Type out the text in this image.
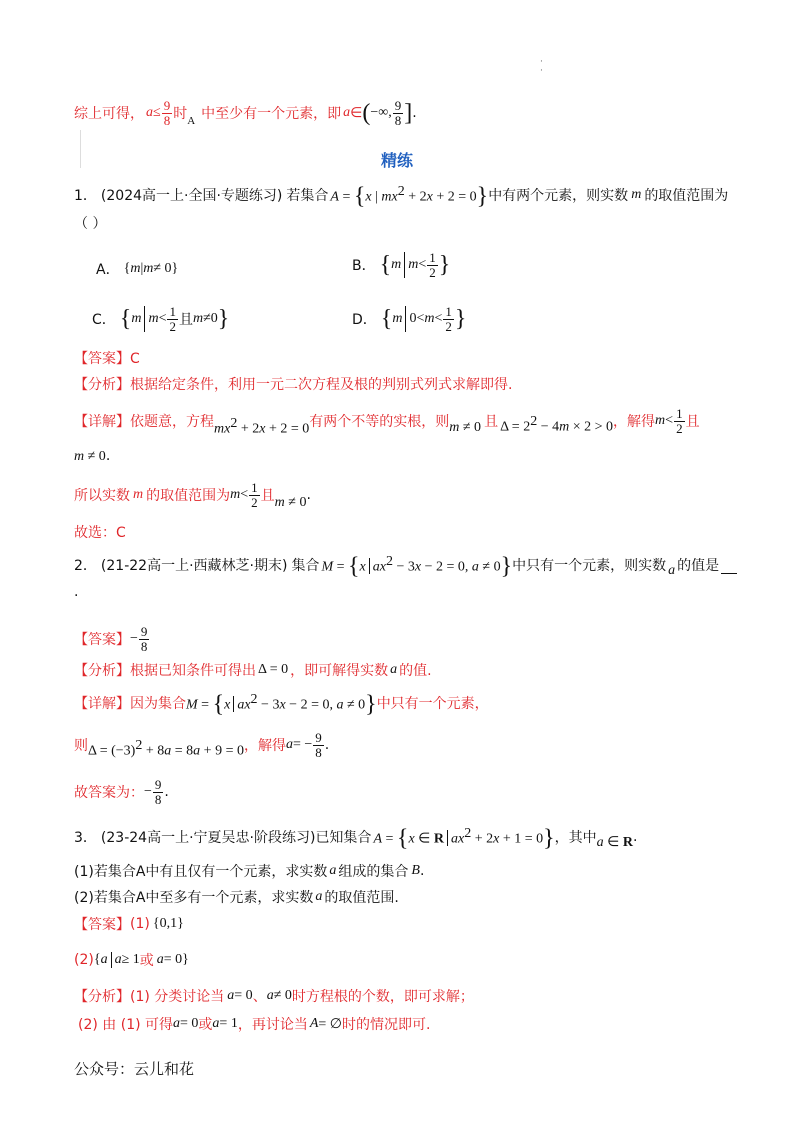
·
·
综上可得， $a \le \frac{9}{8}$ 时 A 中至少有一个元素，即 a ∈ ( −∞, $\frac{9}{8}$ ] .
精练
1． (2024高一上·全国·专题练习) 若集合 A = {x | $mx^2 + 2x + 2 = 0$} 中有两个元素，则实数 m 的取值范围为
（ ）
A． { m | m ≠ 0}	B． { m $m < \frac{1}{2}$ }
C． { m $m < \frac{1}{2}$ 且 m ≠0 }	D． { m $0< m < \frac{1}{2}$ }
【答案】C
【分析】根据给定条件，利用一元二次方程及根的判别式列式求解即得.
【详解】 依题意，方程 $mx^2 + 2x + 2 = 0$ 有两个不等的实根，则 m ≠ 0 且 $\Delta = 2^2 - 4m \times 2 > 0$ ，解得 $m < \frac{1}{2}$ 且
m ≠ 0.
所以实数 m 的取值范围为 $m < \frac{1}{2}$ 且 m ≠ 0 .
故选：C
2． (21-22高一上·西藏林芝·期末) 集合 M = {x $ax^2 - 3x - 2 = 0$, a ≠ 0} 中只有一个元素，则实数 a 的值是

.
【答案】 − $\frac{9}{8}$
【分析】 根据已知条件可得出 Δ = 0 ，即可解得实数 a 的值.
【详解】 因为集合 M = {x $ax^2 - 3x - 2 = 0$, a ≠ 0} 中只有一个元素，
则 $\Delta = (-3)^2 + 8a = 8a + 9 = 0$ ，解得 a = − $\frac{9}{8}$ .
故答案为： − $\frac{9}{8}$ .
3． (23-24高一上·宁夏吴忠·阶段练习) 已知集合 A = {x ∈ R $ax^2 + 2x + 1 = 0$} ，其中 a ∈ R .
(1)若集合A中有且仅有一个元素，求实数 a 组成的集合 B .
(2)若集合A中至多有一个元素，求实数 a 的取值范围.
【答案】 (1) {0,1}
(2) { a a ≥ 1 或 a = 0}
【分析】 (1) 分类讨论当 a = 0 、 a ≠ 0 时方程根的个数，即可求解；
(2) 由 (1) 可得 a = 0 或 a = 1 ，再讨论当 A = ∅ 时的情况即可.
公众号：云儿和花
